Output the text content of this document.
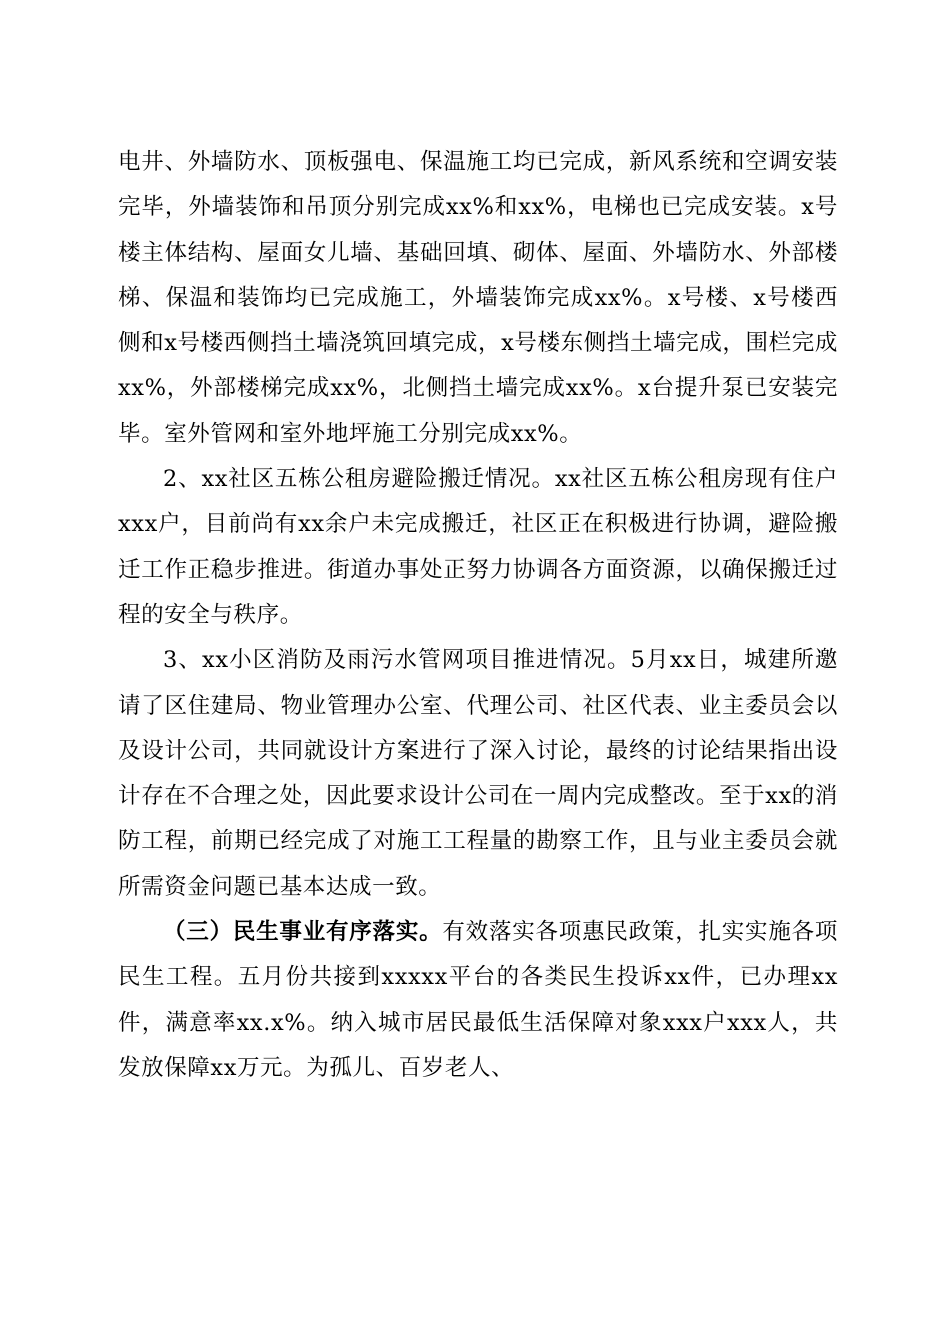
电井、外墙防水、顶板强电、保温施工均已完成，新风系统和空调安装完毕，外墙装饰和吊顶分别完成xx%和xx%，电梯也已完成安装。x号楼主体结构、屋面女儿墙、基础回填、砌体、屋面、外墙防水、外部楼梯、保温和装饰均已完成施工，外墙装饰完成xx%。x号楼、x号楼西侧和x号楼西侧挡土墙浇筑回填完成，x号楼东侧挡土墙完成，围栏完成xx%，外部楼梯完成xx%，北侧挡土墙完成xx%。x台提升泵已安装完毕。室外管网和室外地坪施工分别完成xx%。

2、xx社区五栋公租房避险搬迁情况。xx社区五栋公租房现有住户xxx户，目前尚有xx余户未完成搬迁，社区正在积极进行协调，避险搬迁工作正稳步推进。街道办事处正努力协调各方面资源，以确保搬迁过程的安全与秩序。

3、xx小区消防及雨污水管网项目推进情况。5月xx日，城建所邀请了区住建局、物业管理办公室、代理公司、社区代表、业主委员会以及设计公司，共同就设计方案进行了深入讨论，最终的讨论结果指出设计存在不合理之处，因此要求设计公司在一周内完成整改。至于xx的消防工程，前期已经完成了对施工工程量的勘察工作，且与业主委员会就所需资金问题已基本达成一致。

（三）民生事业有序落实。有效落实各项惠民政策，扎实实施各项民生工程。五月份共接到xxxxx平台的各类民生投诉xx件，已办理xx件，满意率xx.x%。纳入城市居民最低生活保障对象xxx户xxx人，共发放保障xx万元。为孤儿、百岁老人、
